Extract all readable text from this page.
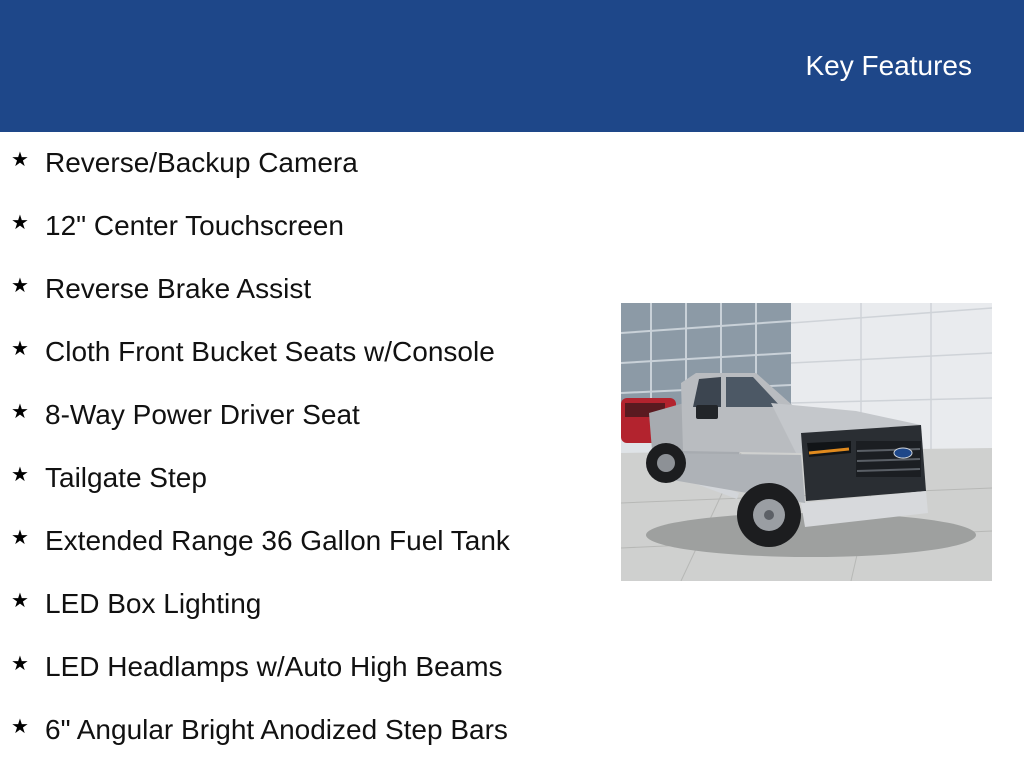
Key Features
★ Reverse/Backup Camera
★ 12" Center Touchscreen
★ Reverse Brake Assist
★ Cloth Front Bucket Seats w/Console
★ 8-Way Power Driver Seat
★ Tailgate Step
★ Extended Range 36 Gallon Fuel Tank
★ LED Box Lighting
★ LED Headlamps w/Auto High Beams
★ 6" Angular Bright Anodized Step Bars
